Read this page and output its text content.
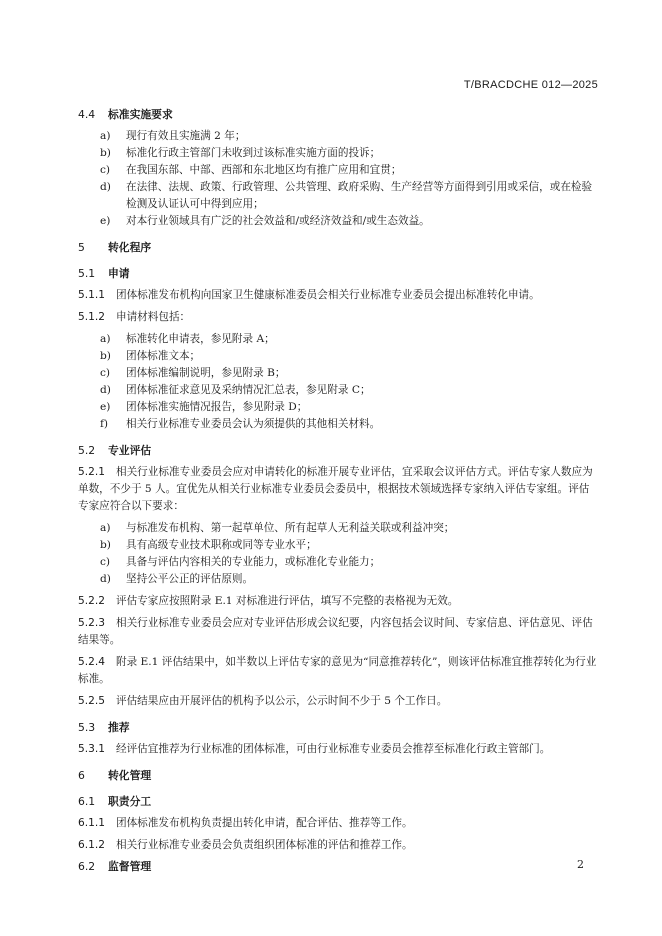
T/BRACDCHE 012—2025
4.4 标准实施要求
a) 现行有效且实施满 2 年；
b) 标准化行政主管部门未收到过该标准实施方面的投诉；
c) 在我国东部、中部、西部和东北地区均有推广应用和宜贯；
d) 在法律、法规、政策、行政管理、公共管理、政府采购、生产经营等方面得到引用或采信，或在检验检测及认证认可中得到应用；
e) 对本行业领域具有广泛的社会效益和/或经济效益和/或生态效益。
5 转化程序
5.1 申请

5.1.1 团体标准发布机构向国家卫生健康标准委员会相关行业标准专业委员会提出标准转化申请。

5.1.2 申请材料包括：

a) 标准转化申请表，参见附录 A；
b) 团体标准文本；
c) 团体标准编制说明，参见附录 B；
d) 团体标准征求意见及采纳情况汇总表，参见附录 C；
e) 团体标准实施情况报告，参见附录 D；
f) 相关行业标准专业委员会认为须提供的其他相关材料。
5.2 专业评估

5.2.1 相关行业标准专业委员会应对申请转化的标准开展专业评估，宜采取会议评估方式。评估专家人数应为单数，不少于 5 人。宜优先从相关行业标准专业委员会委员中，根据技术领域选择专家纳入评估专家组。评估专家应符合以下要求：

a) 与标准发布机构、第一起草单位、所有起草人无利益关联或利益冲突；
b) 具有高级专业技术职称或同等专业水平；
c) 具备与评估内容相关的专业能力，或标准化专业能力；
d) 坚持公平公正的评估原则。

5.2.2 评估专家应按照附录 E.1 对标准进行评估，填写不完整的表格视为无效。

5.2.3 相关行业标准专业委员会应对专业评估形成会议纪要，内容包括会议时间、专家信息、评估意见、评估结果等。

5.2.4 附录 E.1 评估结果中，如半数以上评估专家的意见为“同意推荐转化”，则该评估标准宜推荐转化为行业标准。

5.2.5 评估结果应由开展评估的机构予以公示，公示时间不少于 5 个工作日。

5.3 推荐

5.3.1 经评估宜推荐为行业标准的团体标准，可由行业标准专业委员会推荐至标准化行政主管部门。

6 转化管理
6.1 职责分工

6.1.1 团体标准发布机构负责提出转化申请，配合评估、推荐等工作。

6.1.2 相关行业标准专业委员会负责组织团体标准的评估和推荐工作。

6.2 监督管理	2
